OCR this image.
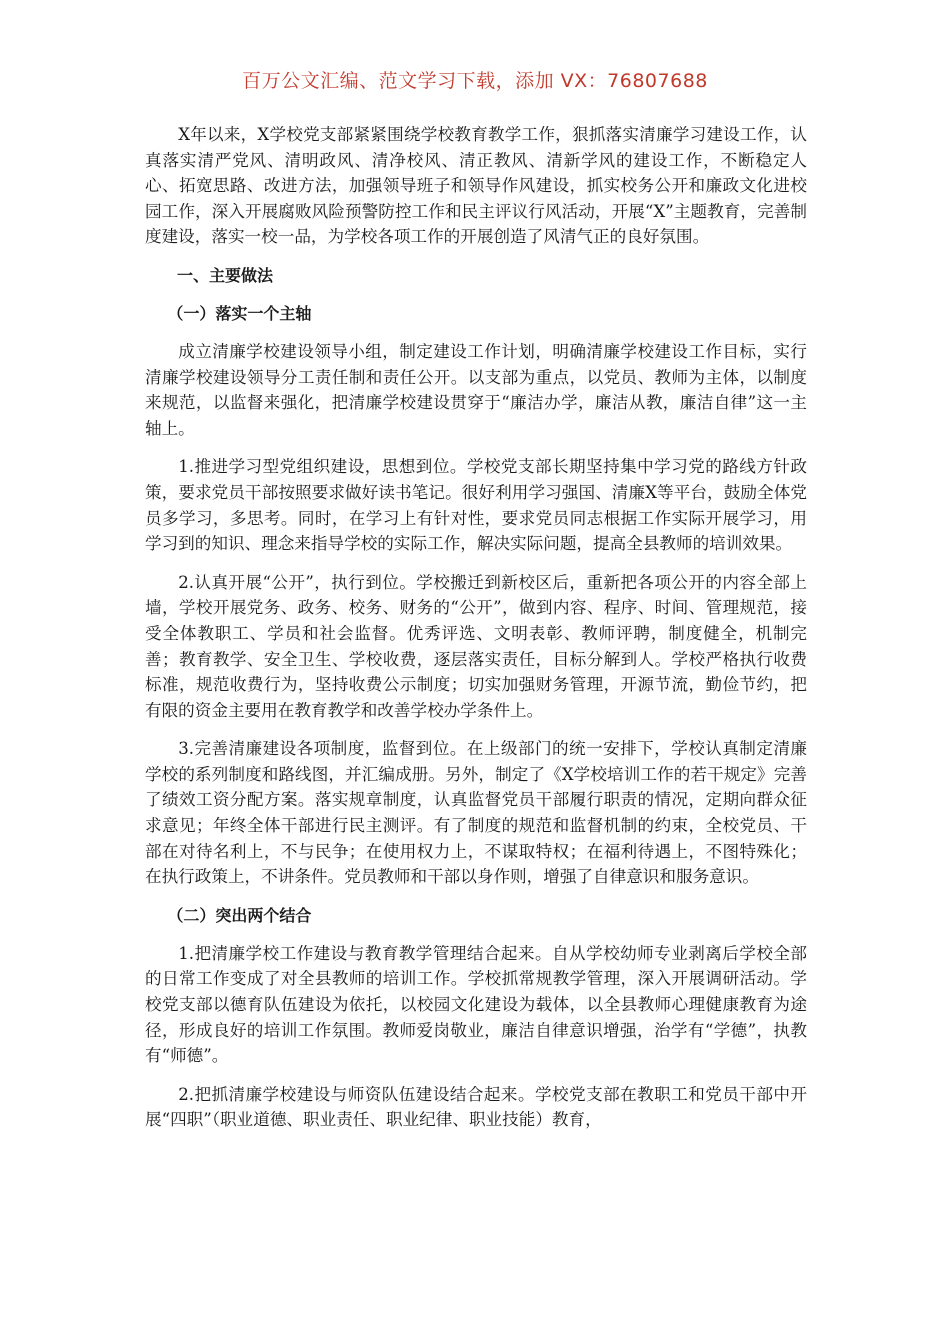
百万公文汇编、范文学习下载，添加 VX：76807688

X年以来，X学校党支部紧紧围绕学校教育教学工作，狠抓落实清廉学习建设工作，认真落实清严党风、清明政风、清净校风、清正教风、清新学风的建设工作，不断稳定人心、拓宽思路、改进方法，加强领导班子和领导作风建设，抓实校务公开和廉政文化进校园工作，深入开展腐败风险预警防控工作和民主评议行风活动，开展“X”主题教育，完善制度建设，落实一校一品，为学校各项工作的开展创造了风清气正的良好氛围。

一、主要做法
（一）落实一个主轴

成立清廉学校建设领导小组，制定建设工作计划，明确清廉学校建设工作目标，实行清廉学校建设领导分工责任制和责任公开。以支部为重点，以党员、教师为主体，以制度来规范，以监督来强化，把清廉学校建设贯穿于“廉洁办学，廉洁从教，廉洁自律”这一主轴上。

1.推进学习型党组织建设，思想到位。学校党支部长期坚持集中学习党的路线方针政策，要求党员干部按照要求做好读书笔记。很好利用学习强国、清廉X等平台，鼓励全体党员多学习，多思考。同时，在学习上有针对性，要求党员同志根据工作实际开展学习，用学习到的知识、理念来指导学校的实际工作，解决实际问题，提高全县教师的培训效果。

2.认真开展“公开”，执行到位。学校搬迁到新校区后，重新把各项公开的内容全部上墙，学校开展党务、政务、校务、财务的“公开”，做到内容、程序、时间、管理规范，接受全体教职工、学员和社会监督。优秀评选、文明表彰、教师评聘，制度健全，机制完善；教育教学、安全卫生、学校收费，逐层落实责任，目标分解到人。学校严格执行收费标准，规范收费行为，坚持收费公示制度；切实加强财务管理，开源节流，勤俭节约，把有限的资金主要用在教育教学和改善学校办学条件上。

3.完善清廉建设各项制度，监督到位。在上级部门的统一安排下，学校认真制定清廉学校的系列制度和路线图，并汇编成册。另外，制定了《X学校培训工作的若干规定》完善了绩效工资分配方案。落实规章制度，认真监督党员干部履行职责的情况，定期向群众征求意见；年终全体干部进行民主测评。有了制度的规范和监督机制的约束，全校党员、干部在对待名利上，不与民争；在使用权力上，不谋取特权；在福利待遇上，不图特殊化；在执行政策上，不讲条件。党员教师和干部以身作则，增强了自律意识和服务意识。

（二）突出两个结合

1.把清廉学校工作建设与教育教学管理结合起来。自从学校幼师专业剥离后学校全部的日常工作变成了对全县教师的培训工作。学校抓常规教学管理，深入开展调研活动。学校党支部以德育队伍建设为依托，以校园文化建设为载体，以全县教师心理健康教育为途径，形成良好的培训工作氛围。教师爱岗敬业，廉洁自律意识增强，治学有“学德”，执教有“师德”。

2.把抓清廉学校建设与师资队伍建设结合起来。学校党支部在教职工和党员干部中开展“四职”（职业道德、职业责任、职业纪律、职业技能）教育，
